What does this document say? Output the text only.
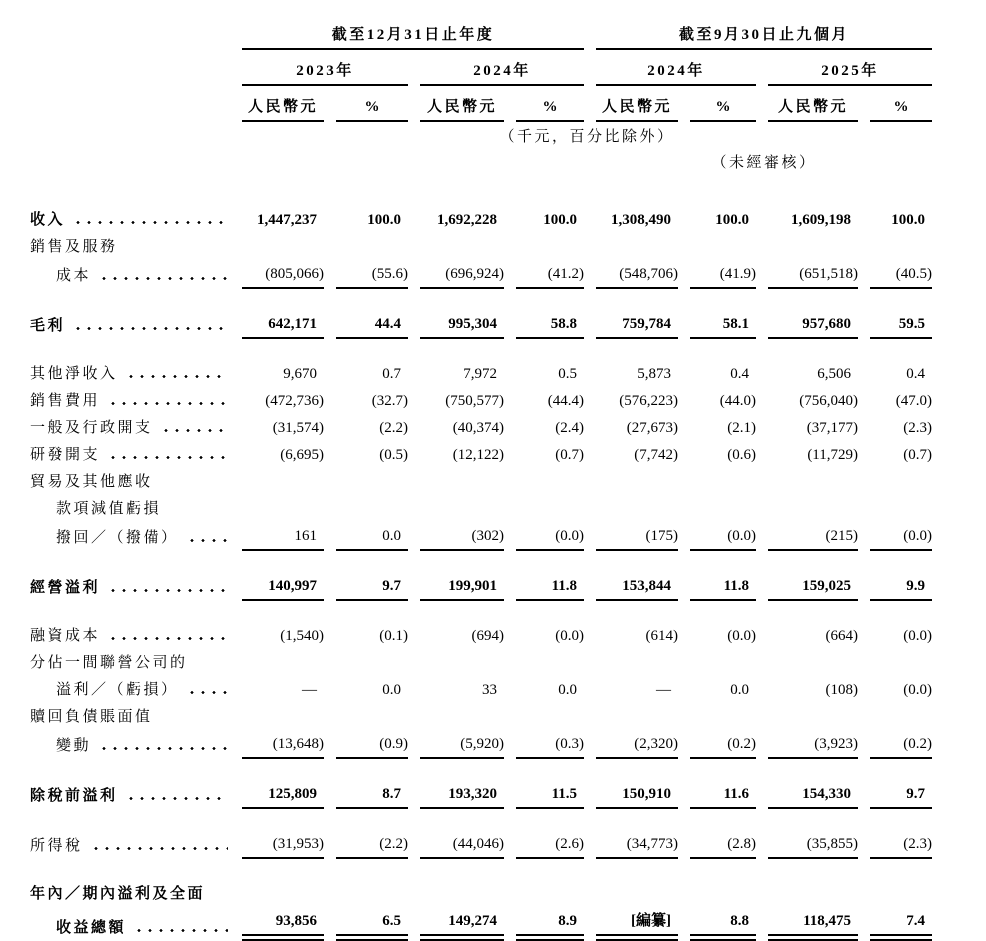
	截至12月31日止年度				截至9月30日止九個月			
	2023年		2024年		2024年		2025年	
	人民幣元	%	人民幣元	%	人民幣元	%	人民幣元	%
	（千元，百分比除外）							
					（未經審核）			

收入	1,447,237	100.0	1,692,228	100.0	1,308,490	100.0	1,609,198	100.0

銷售及服務								

成本	(805,066)	(55.6)	(696,924)	(41.2)	(548,706)	(41.9)	(651,518)	(40.5)

毛利	642,171	44.4	995,304	58.8	759,784	58.1	957,680	59.5

其他淨收入	9,670	0.7	7,972	0.5	5,873	0.4	6,506	0.4

銷售費用	(472,736)	(32.7)	(750,577)	(44.4)	(576,223)	(44.0)	(756,040)	(47.0)

一般及行政開支	(31,574)	(2.2)	(40,374)	(2.4)	(27,673)	(2.1)	(37,177)	(2.3)

研發開支	(6,695)	(0.5)	(12,122)	(0.7)	(7,742)	(0.6)	(11,729)	(0.7)

貿易及其他應收								

款項減值虧損								

撥回／（撥備）	161	0.0	(302)	(0.0)	(175)	(0.0)	(215)	(0.0)

經營溢利	140,997	9.7	199,901	11.8	153,844	11.8	159,025	9.9

融資成本	(1,540)	(0.1)	(694)	(0.0)	(614)	(0.0)	(664)	(0.0)

分佔一間聯營公司的								

溢利／（虧損）	—	0.0	33	0.0	—	0.0	(108)	(0.0)

贖回負債賬面值								

變動	(13,648)	(0.9)	(5,920)	(0.3)	(2,320)	(0.2)	(3,923)	(0.2)

除稅前溢利	125,809	8.7	193,320	11.5	150,910	11.6	154,330	9.7

所得稅	(31,953)	(2.2)	(44,046)	(2.6)	(34,773)	(2.8)	(35,855)	(2.3)

年內／期內溢利及全面								

收益總額	93,856	6.5	149,274	8.9	[編纂]	8.8	118,475	7.4
